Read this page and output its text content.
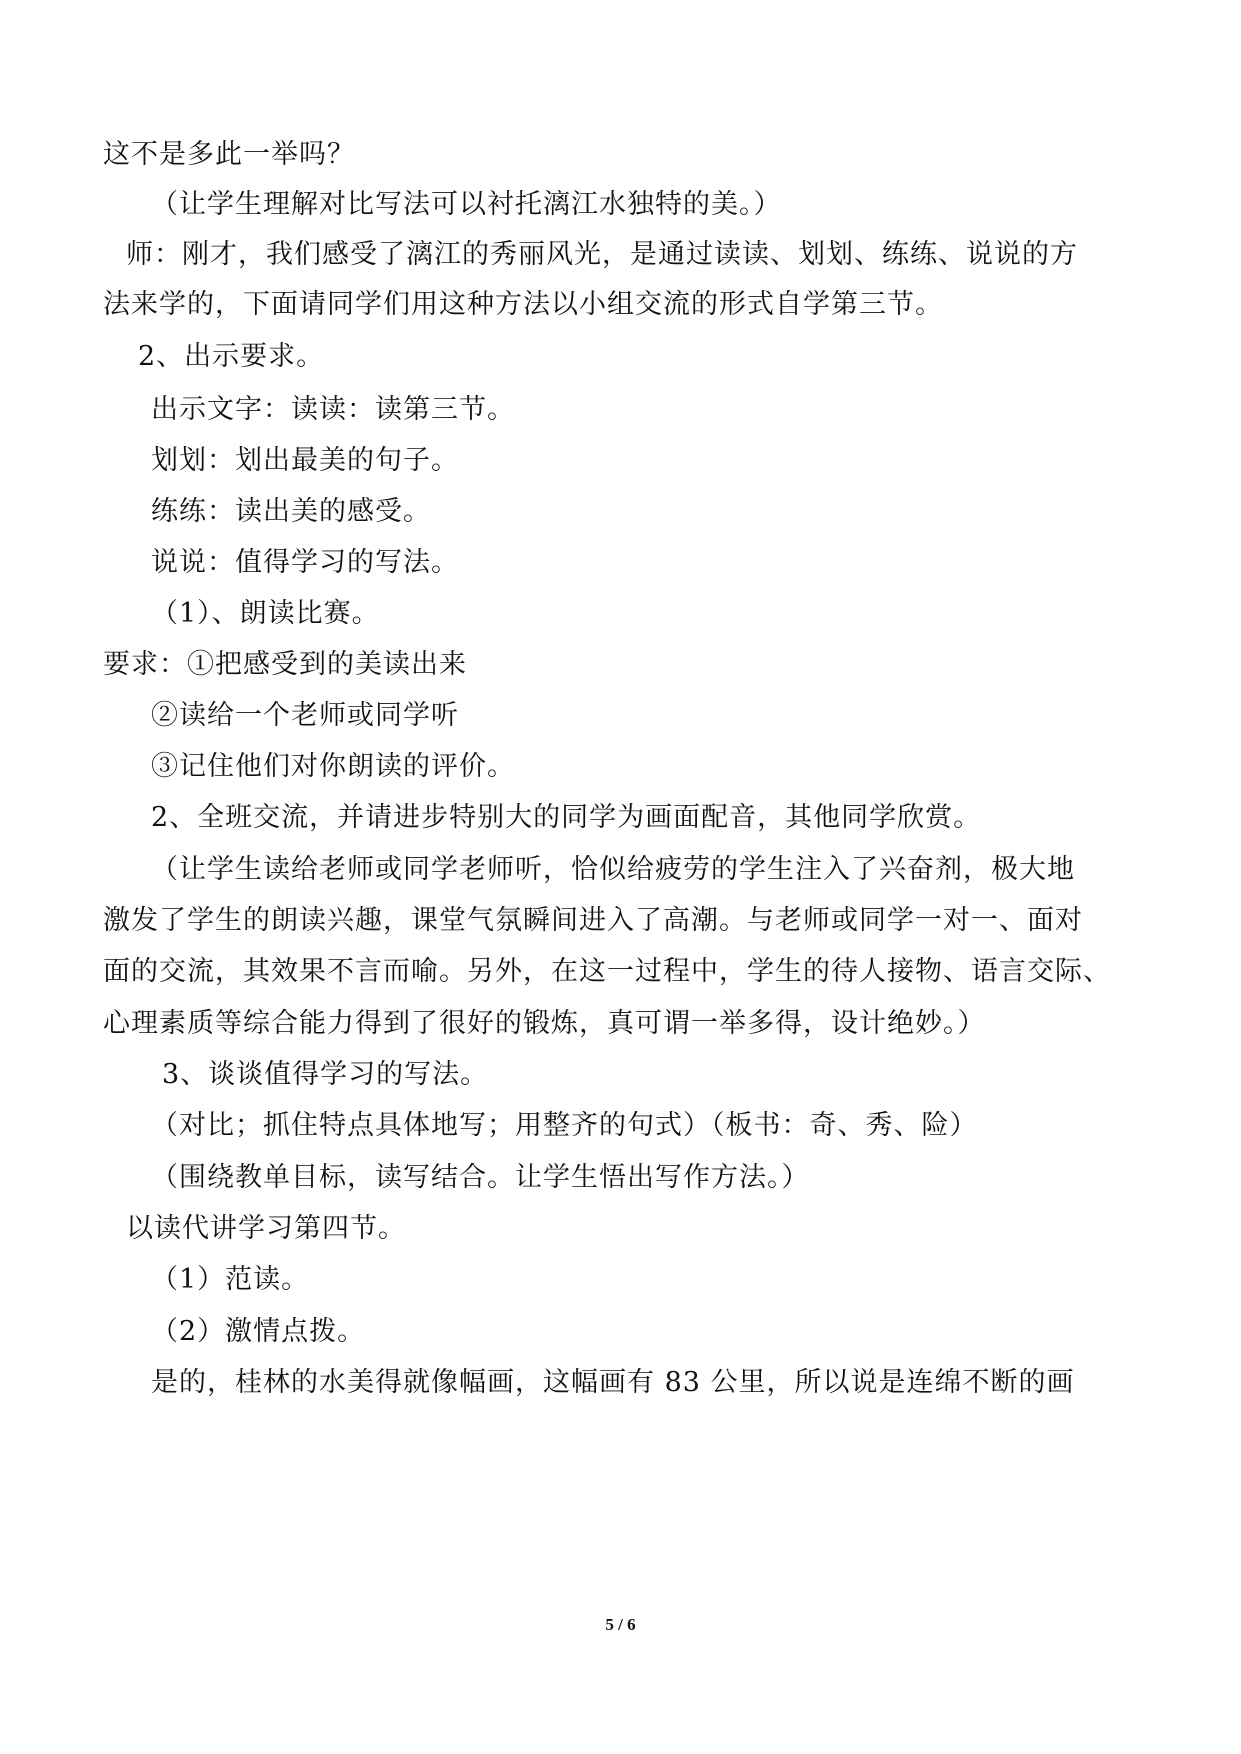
这不是多此一举吗？
（让学生理解对比写法可以衬托漓江水独特的美。）
师：刚才，我们感受了漓江的秀丽风光，是通过读读、划划、练练、说说的方
法来学的，下面请同学们用这种方法以小组交流的形式自学第三节。
2、出示要求。
出示文字：读读：读第三节。
划划：划出最美的句子。
练练：读出美的感受。
说说：值得学习的写法。
（1）、朗读比赛。
要求：①把感受到的美读出来
②读给一个老师或同学听
③记住他们对你朗读的评价。
2、全班交流，并请进步特别大的同学为画面配音，其他同学欣赏。
（让学生读给老师或同学老师听，恰似给疲劳的学生注入了兴奋剂，极大地
激发了学生的朗读兴趣，课堂气氛瞬间进入了高潮。与老师或同学一对一、面对
面的交流，其效果不言而喻。另外，在这一过程中，学生的待人接物、语言交际、
心理素质等综合能力得到了很好的锻炼，真可谓一举多得，设计绝妙。）
3、谈谈值得学习的写法。
（对比；抓住特点具体地写；用整齐的句式）（板书：奇、秀、险）
（围绕教单目标，读写结合。让学生悟出写作方法。）
以读代讲学习第四节。
（1）范读。
（2）激情点拨。
是的，桂林的水美得就像幅画，这幅画有 83 公里，所以说是连绵不断的画
5 / 6
